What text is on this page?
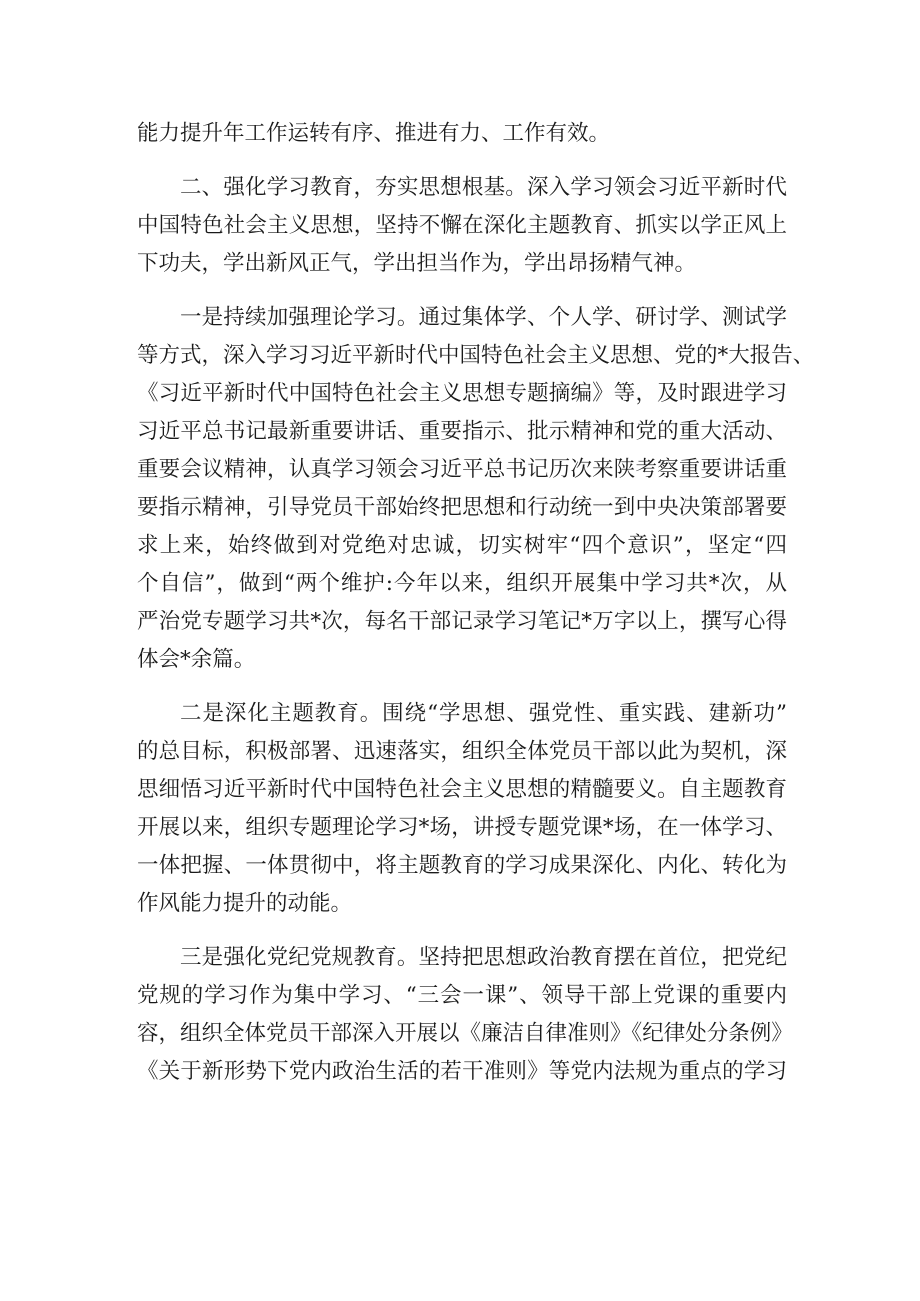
能力提升年工作运转有序、推进有力、工作有效。
二、强化学习教育，夯实思想根基。深入学习领会习近平新时代
中国特色社会主义思想，坚持不懈在深化主题教育、抓实以学正风上
下功夫，学出新风正气，学出担当作为，学出昂扬精气神。
一是持续加强理论学习。通过集体学、个人学、研讨学、测试学
等方式，深入学习习近平新时代中国特色社会主义思想、党的*大报告、
《习近平新时代中国特色社会主义思想专题摘编》等，及时跟进学习
习近平总书记最新重要讲话、重要指示、批示精神和党的重大活动、
重要会议精神，认真学习领会习近平总书记历次来陕考察重要讲话重
要指示精神，引导党员干部始终把思想和行动统一到中央决策部署要
求上来，始终做到对党绝对忠诚，切实树牢“四个意识”，坚定“四
个自信”，做到“两个维护:今年以来，组织开展集中学习共*次，从
严治党专题学习共*次，每名干部记录学习笔记*万字以上，撰写心得
体会*余篇。
二是深化主题教育。围绕“学思想、强党性、重实践、建新功”
的总目标，积极部署、迅速落实，组织全体党员干部以此为契机，深
思细悟习近平新时代中国特色社会主义思想的精髓要义。自主题教育
开展以来，组织专题理论学习*场，讲授专题党课*场，在一体学习、
一体把握、一体贯彻中，将主题教育的学习成果深化、内化、转化为
作风能力提升的动能。
三是强化党纪党规教育。坚持把思想政治教育摆在首位，把党纪
党规的学习作为集中学习、“三会一课”、领导干部上党课的重要内
容，组织全体党员干部深入开展以《廉洁自律准则》《纪律处分条例》
《关于新形势下党内政治生活的若干准则》等党内法规为重点的学习
